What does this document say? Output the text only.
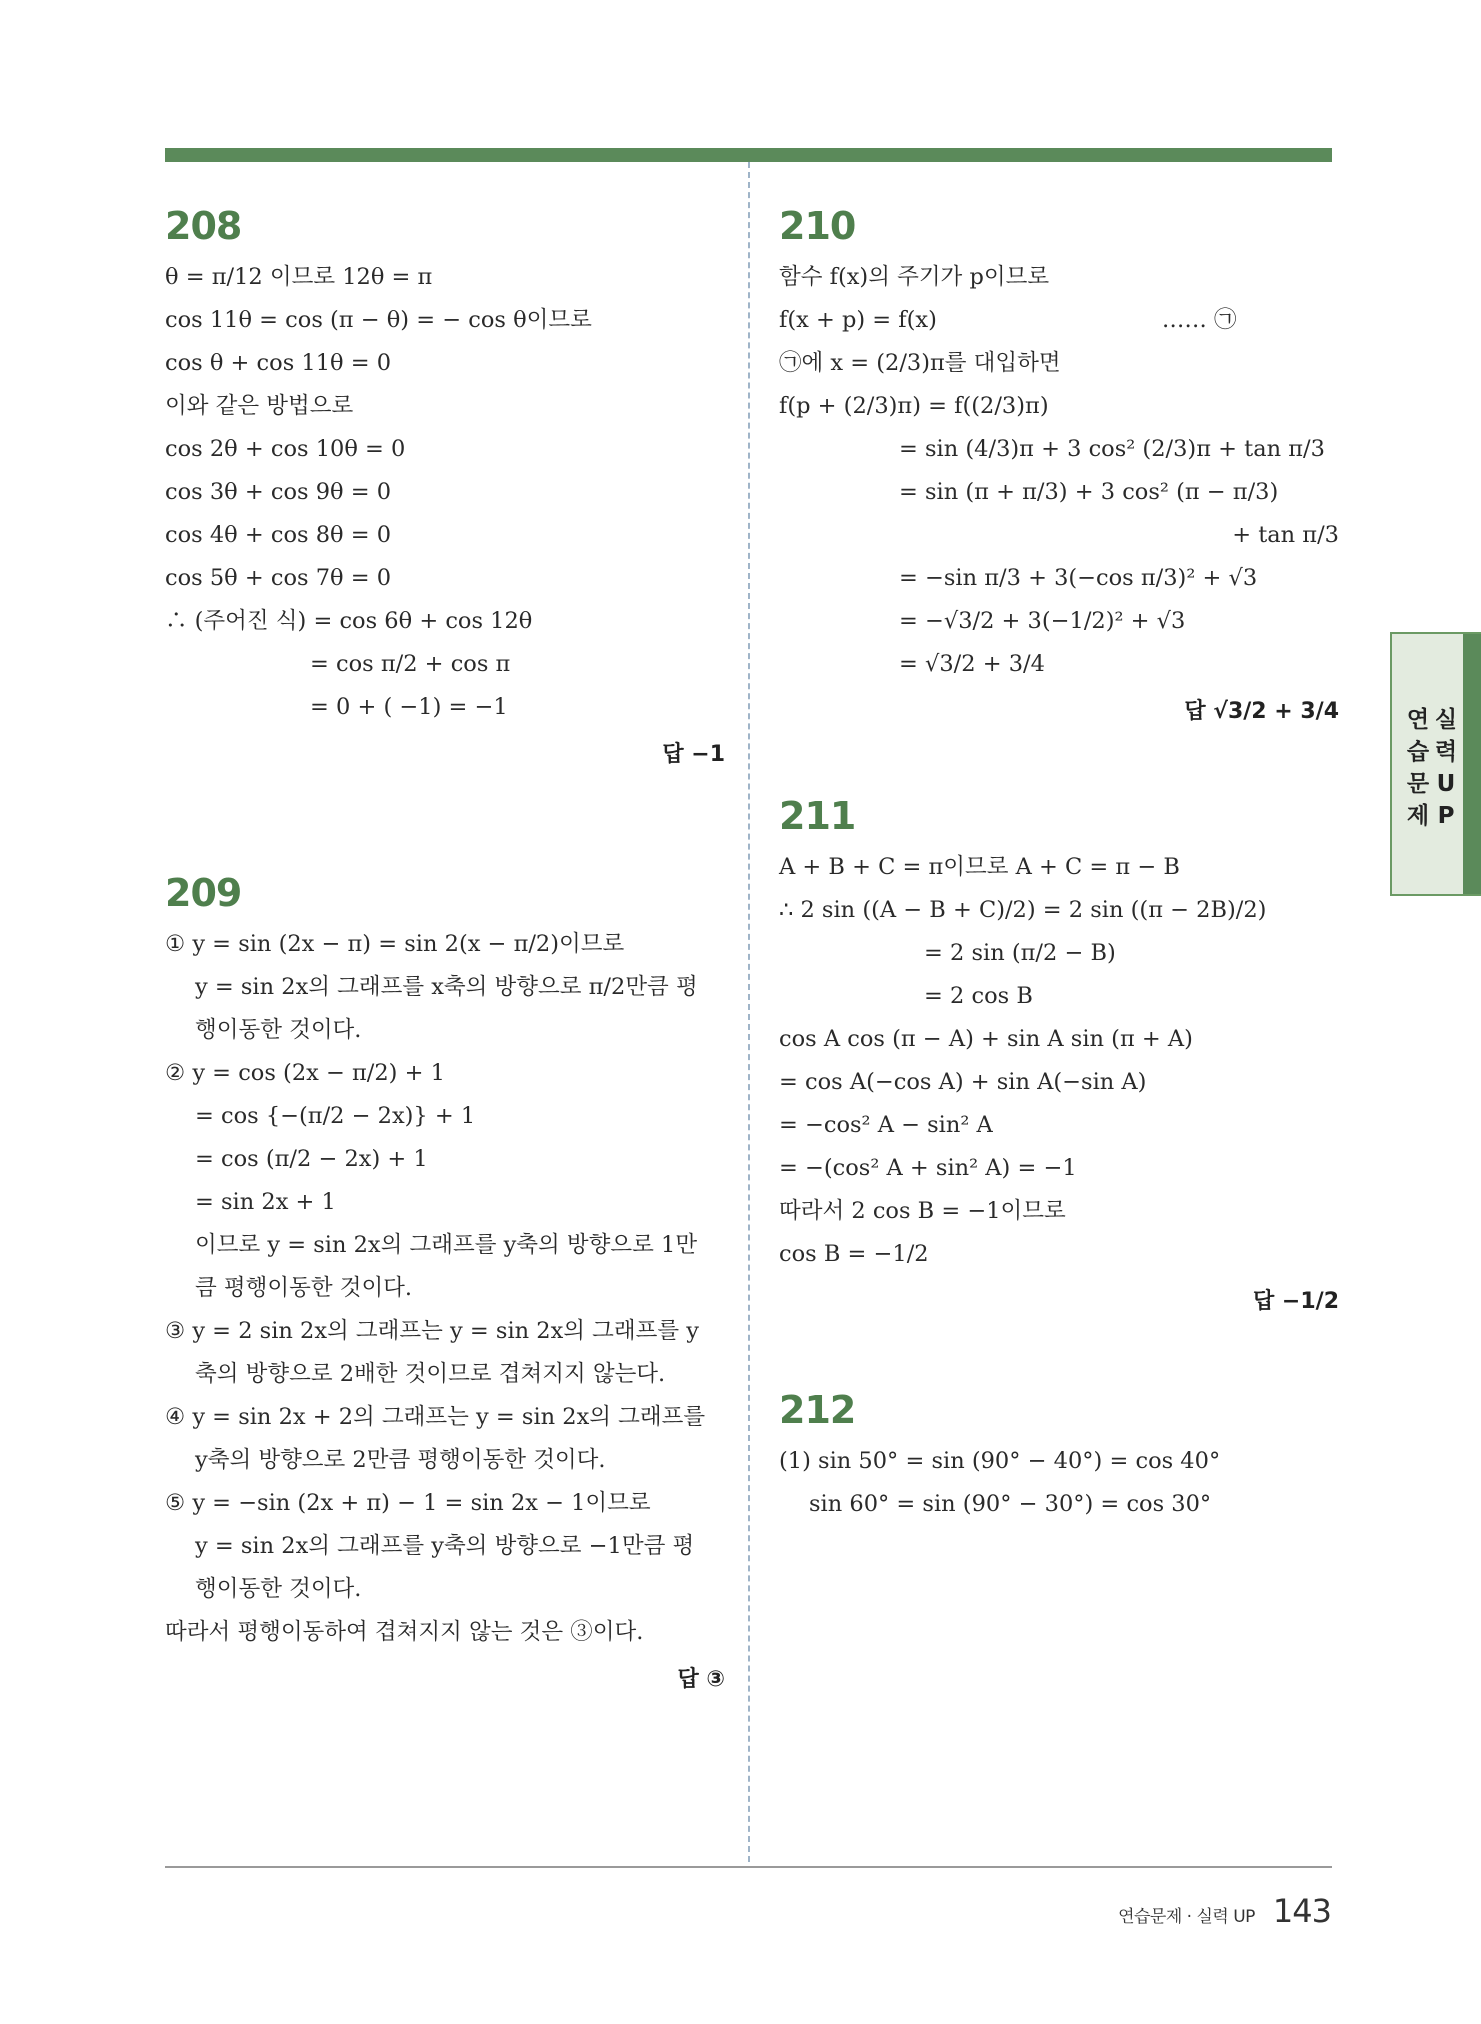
연 실
습 력
문 U
제 P
208
θ = π/12 이므로 12θ = π
cos 11θ = cos (π − θ) = − cos θ이므로
cos θ + cos 11θ = 0
이와 같은 방법으로
cos 2θ + cos 10θ = 0
cos 3θ + cos 9θ = 0
cos 4θ + cos 8θ = 0
cos 5θ + cos 7θ = 0
∴ (주어진 식) = cos 6θ + cos 12θ
= cos π/2 + cos π
= 0 + ( −1) = −1
답 −1
209
① y = sin (2x − π) = sin 2(x − π/2)이므로
y = sin 2x의 그래프를 x축의 방향으로 π/2만큼 평
행이동한 것이다.
② y = cos (2x − π/2) + 1
= cos {−(π/2 − 2x)} + 1
= cos (π/2 − 2x) + 1
= sin 2x + 1
이므로 y = sin 2x의 그래프를 y축의 방향으로 1만
큼 평행이동한 것이다.
③ y = 2 sin 2x의 그래프는 y = sin 2x의 그래프를 y
축의 방향으로 2배한 것이므로 겹쳐지지 않는다.
④ y = sin 2x + 2의 그래프는 y = sin 2x의 그래프를
y축의 방향으로 2만큼 평행이동한 것이다.
⑤ y = −sin (2x + π) − 1 = sin 2x − 1이므로
y = sin 2x의 그래프를 y축의 방향으로 −1만큼 평
행이동한 것이다.
따라서 평행이동하여 겹쳐지지 않는 것은 ③이다.
답 ③
210
함수 f(x)의 주기가 p이므로
f(x + p) = f(x)　　　　　　　　　　…… ㉠
㉠에 x = (2/3)π를 대입하면
f(p + (2/3)π) = f((2/3)π)
= sin (4/3)π + 3 cos² (2/3)π + tan π/3
= sin (π + π/3) + 3 cos² (π − π/3)
+ tan π/3
= −sin π/3 + 3(−cos π/3)² + √3
= −√3/2 + 3(−1/2)² + √3
= √3/2 + 3/4
답 √3/2 + 3/4
211
A + B + C = π이므로 A + C = π − B
∴ 2 sin ((A − B + C)/2) = 2 sin ((π − 2B)/2)
= 2 sin (π/2 − B)
= 2 cos B
cos A cos (π − A) + sin A sin (π + A)
= cos A(−cos A) + sin A(−sin A)
= −cos² A − sin² A
= −(cos² A + sin² A) = −1
따라서 2 cos B = −1이므로
cos B = −1/2
답 −1/2
212
(1) sin 50° = sin (90° − 40°) = cos 40°
sin 60° = sin (90° − 30°) = cos 30°
연습문제 · 실력 UP 143
